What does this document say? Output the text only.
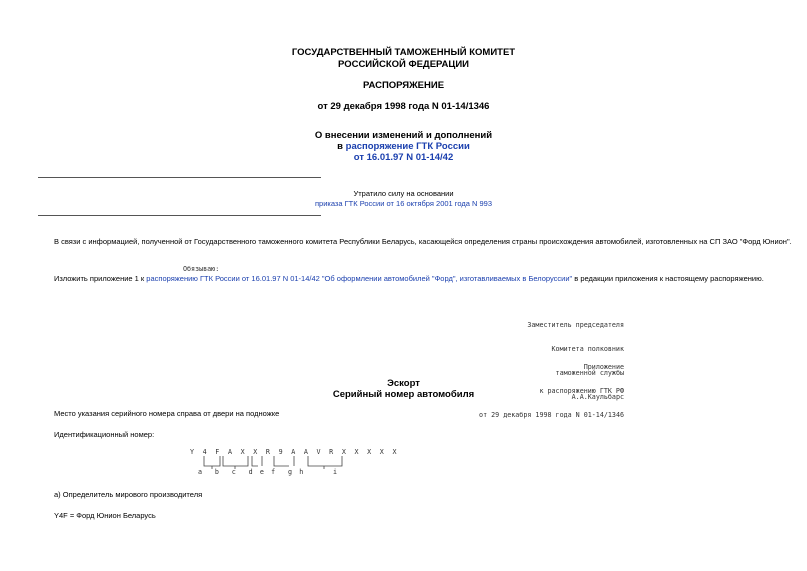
ГОСУДАРСТВЕННЫЙ ТАМОЖЕННЫЙ КОМИТЕТ
РОССИЙСКОЙ ФЕДЕРАЦИИ
РАСПОРЯЖЕНИЕ
от 29 декабря 1998 года N 01-14/1346
О внесении изменений и дополнений
в распоряжение ГТК России
от 16.01.97 N 01-14/42
Утратило силу на основании
приказа ГТК России от 16 октября 2001 года N 993
В связи с информацией, полученной от Государственного таможенного комитета Республики Беларусь, касающейся определения страны происхождения автомобилей, изготовленных на СП ЗАО "Форд Юнион".
Обязываю:
Изложить приложение 1 к распоряжению ГТК России от 16.01.97 N 01-14/42 "Об оформлении автомобилей "Форд", изготавливаемых в Белоруссии" в редакции приложения к настоящему распоряжению.

Заместитель председателя

Комитета полковник

таможенной службы

А.А.Каульбарс

Приложение

к распоряжению ГТК РФ

от 29 декабря 1998 года N 01-14/1346

Эскорт
Серийный номер автомобиля
Место указания серийного номера справа от двери на подножке
Идентификационный номер:
Y 4 F A X X R 9 A A V R X X X X X
a  b  c  d e f  g h     i
а) Определитель мирового производителя
Y4F = Форд Юнион Беларусь
